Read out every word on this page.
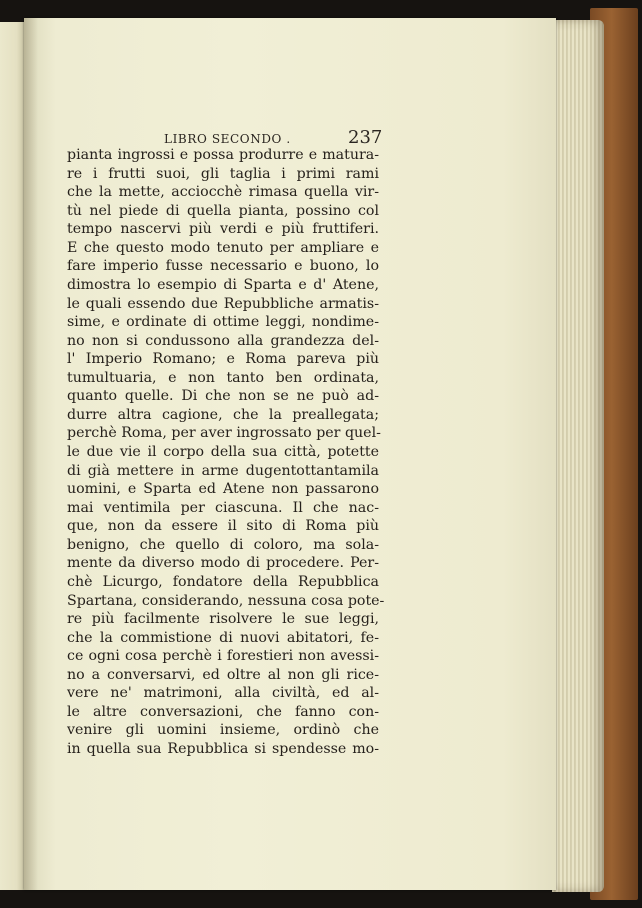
LIBRO SECONDO .	237
pianta ingrossi e possa produrre e matura-
re i frutti suoi, gli taglia i primi rami
che la mette, acciocchè rimasa quella vir-
tù nel piede di quella pianta, possino col
tempo nascervi più verdi e più fruttiferi.
E che questo modo tenuto per ampliare e
fare imperio fusse necessario e buono, lo
dimostra lo esempio di Sparta e d' Atene,
le quali essendo due Repubbliche armatis-
sime, e ordinate di ottime leggi, nondime-
no non si condussono alla grandezza del-
l' Imperio Romano; e Roma pareva più
tumultuaria, e non tanto ben ordinata,
quanto quelle. Di che non se ne può ad-
durre altra cagione, che la preallegata;
perchè Roma, per aver ingrossato per quel-
le due vie il corpo della sua città, potette
di già mettere in arme dugentottantamila
uomini, e Sparta ed Atene non passarono
mai ventimila per ciascuna. Il che nac-
que, non da essere il sito di Roma più
benigno, che quello di coloro, ma sola-
mente da diverso modo di procedere. Per-
chè Licurgo, fondatore della Repubblica
Spartana, considerando, nessuna cosa pote-
re più facilmente risolvere le sue leggi,
che la commistione di nuovi abitatori, fe-
ce ogni cosa perchè i forestieri non avessi-
no a conversarvi, ed oltre al non gli rice-
vere ne' matrimoni, alla civiltà, ed al-
le altre conversazioni, che fanno con-
venire gli uomini insieme, ordinò che
in quella sua Repubblica si spendesse mo-
